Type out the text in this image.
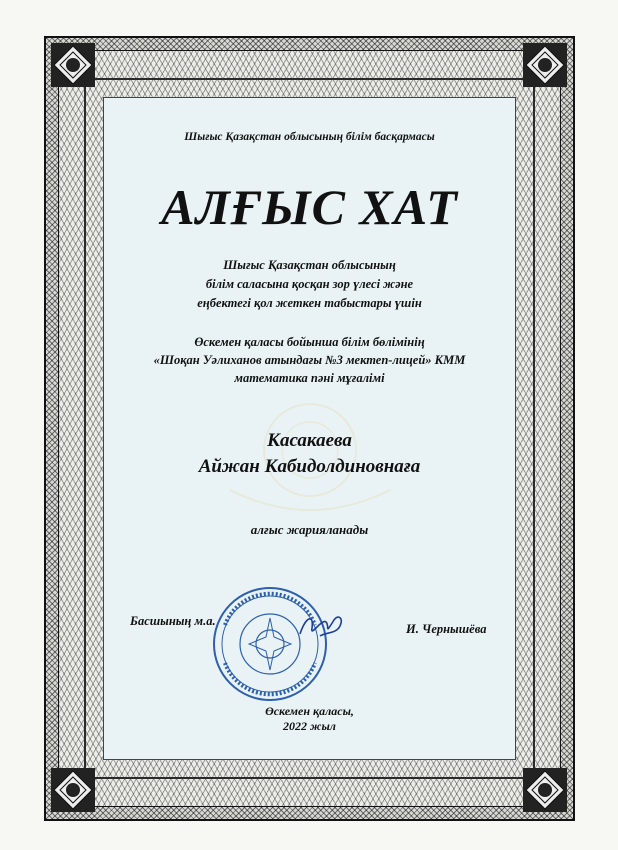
Шығыс Қазақстан облысының білім басқармасы
АЛҒЫС ХАТ
Шығыс Қазақстан облысының
білім саласына қосқан зор үлесі және
еңбектегі қол жеткен табыстары үшін
Өскемен қаласы бойынша білім бөлімінің
«Шоқан Уәлиханов атындағы №3 мектеп-лицей» КММ
математика пәні мұғалімі
Касакаева
Айжан Кабидолдиновнаға
алғыс жарияланады
Басшының м.а.
И. Чернышёва
Өскемен қаласы,
2022 жыл
